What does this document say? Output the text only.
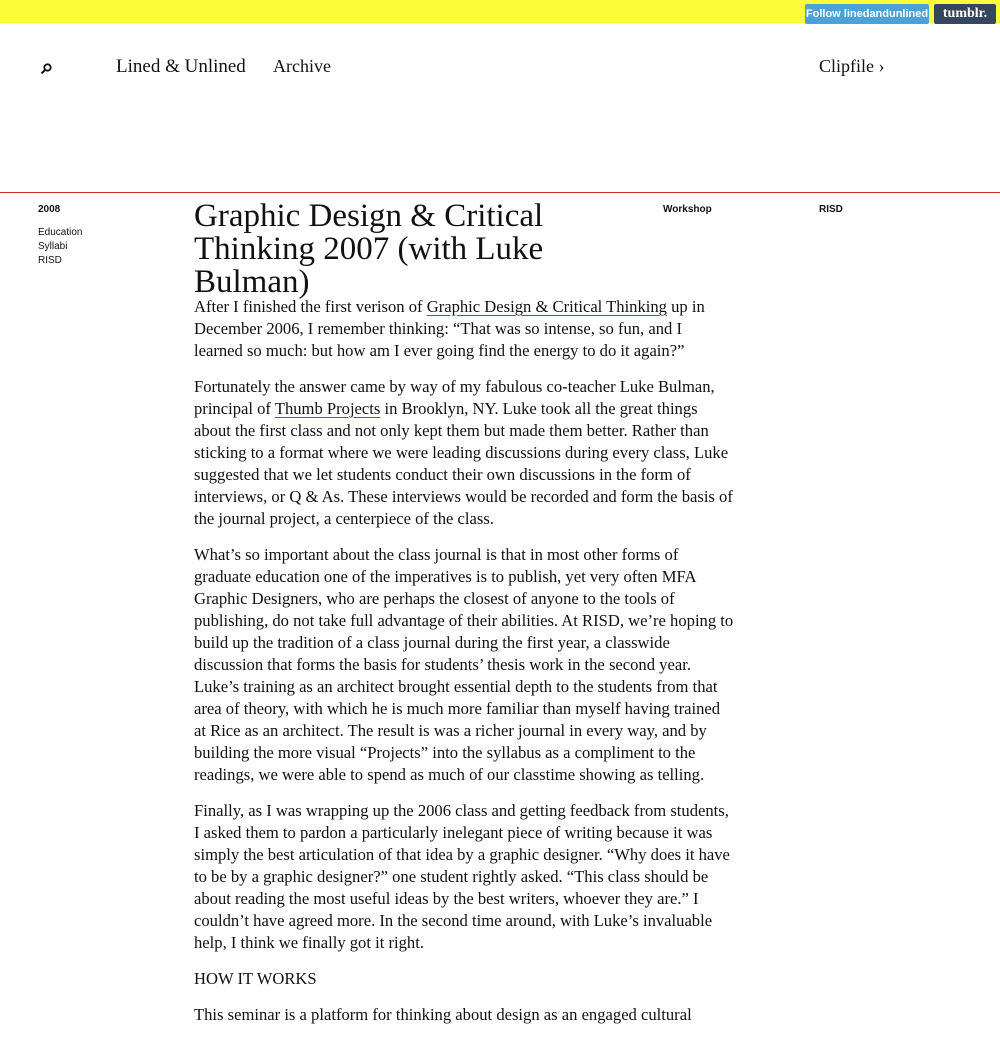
Follow linedandunlined	tumblr.
Lined & Unlined Archive	Clipfile ›
2008
Education
Syllabi
RISD
Workshop	RISD
Graphic Design & Critical Thinking 2007 (with Luke Bulman)

After I finished the first verison of Graphic Design & Critical Thinking up in December 2006, I remember thinking: “That was so intense, so fun, and I learned so much: but how am I ever going find the energy to do it again?”

Fortunately the answer came by way of my fabulous co-teacher Luke Bulman, principal of Thumb Projects in Brooklyn, NY. Luke took all the great things about the first class and not only kept them but made them better. Rather than sticking to a format where we were leading discussions during every class, Luke suggested that we let students conduct their own discussions in the form of interviews, or Q & As. These interviews would be recorded and form the basis of the journal project, a centerpiece of the class.

What’s so important about the class journal is that in most other forms of graduate education one of the imperatives is to publish, yet very often MFA Graphic Designers, who are perhaps the closest of anyone to the tools of publishing, do not take full advantage of their abilities. At RISD, we’re hoping to build up the tradition of a class journal during the first year, a classwide discussion that forms the basis for students’ thesis work in the second year. Luke’s training as an architect brought essential depth to the students from that area of theory, with which he is much more familiar than myself having trained at Rice as an architect. The result is was a richer journal in every way, and by building the more visual “Projects” into the syllabus as a compliment to the readings, we were able to spend as much of our classtime showing as telling.

Finally, as I was wrapping up the 2006 class and getting feedback from students, I asked them to pardon a particularly inelegant piece of writing because it was simply the best articulation of that idea by a graphic designer. “Why does it have to be by a graphic designer?” one student rightly asked. “This class should be about reading the most useful ideas by the best writers, whoever they are.” I couldn’t have agreed more. In the second time around, with Luke’s invaluable help, I think we finally got it right.

HOW IT WORKS

This seminar is a platform for thinking about design as an engaged cultural
